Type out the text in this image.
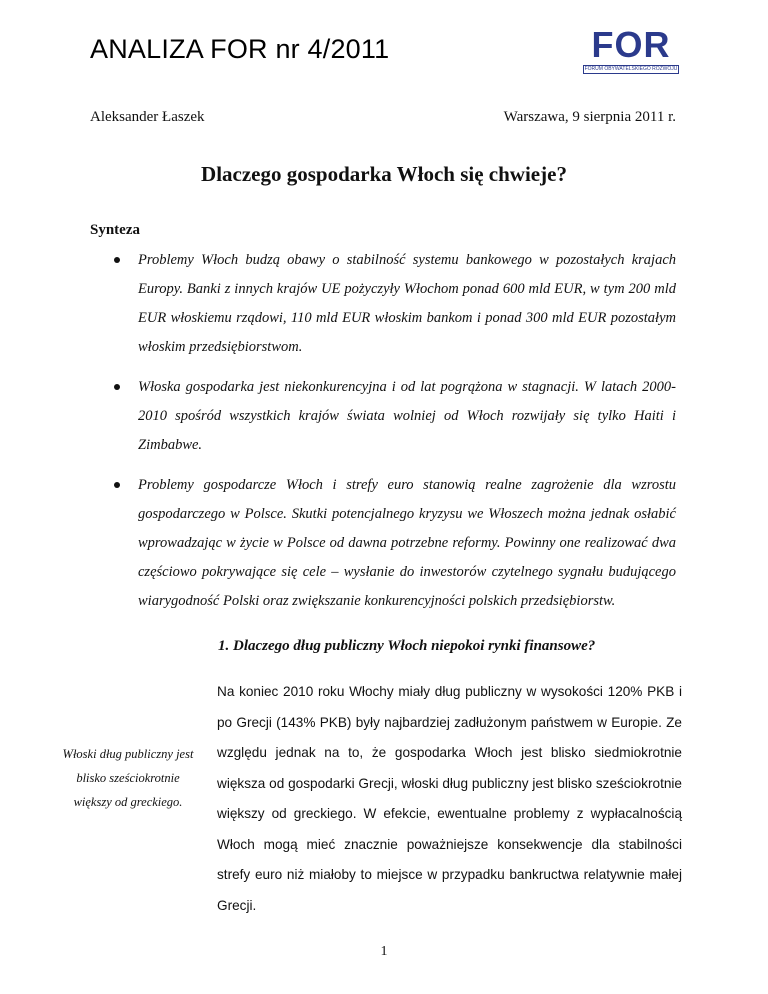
ANALIZA FOR nr 4/2011	FOR
FORUM OBYWATELSKIEGO ROZWOJU
Aleksander Łaszek	Warszawa, 9 sierpnia 2011 r.
Dlaczego gospodarka Włoch się chwieje?
Synteza
Problemy Włoch budzą obawy o stabilność systemu bankowego w pozostałych krajach Europy. Banki z innych krajów UE pożyczyły Włochom ponad 600 mld EUR, w tym 200 mld EUR włoskiemu rządowi, 110 mld EUR włoskim bankom i ponad 300 mld EUR pozostałym włoskim przedsiębiorstwom.
Włoska gospodarka jest niekonkurencyjna i od lat pogrążona w stagnacji. W latach 2000-2010 spośród wszystkich krajów świata wolniej od Włoch rozwijały się tylko Haiti i Zimbabwe.
Problemy gospodarcze Włoch i strefy euro stanowią realne zagrożenie dla wzrostu gospodarczego w Polsce. Skutki potencjalnego kryzysu we Włoszech można jednak osłabić wprowadzając w życie w Polsce od dawna potrzebne reformy. Powinny one realizować dwa częściowo pokrywające się cele – wysłanie do inwestorów czytelnego sygnału budującego wiarygodność Polski oraz zwiększanie konkurencyjności polskich przedsiębiorstw.
1. Dlaczego dług publiczny Włoch niepokoi rynki finansowe?
Włoski dług publiczny jest blisko sześciokrotnie większy od greckiego.
Na koniec 2010 roku Włochy miały dług publiczny w wysokości 120% PKB i po Grecji (143% PKB) były najbardziej zadłużonym państwem w Europie. Ze względu jednak na to, że gospodarka Włoch jest blisko siedmiokrotnie większa od gospodarki Grecji, włoski dług publiczny jest blisko sześciokrotnie większy od greckiego. W efekcie, ewentualne problemy z wypłacalnością Włoch mogą mieć znacznie poważniejsze konsekwencje dla stabilności strefy euro niż miałoby to miejsce w przypadku bankructwa relatywnie małej Grecji.
1
